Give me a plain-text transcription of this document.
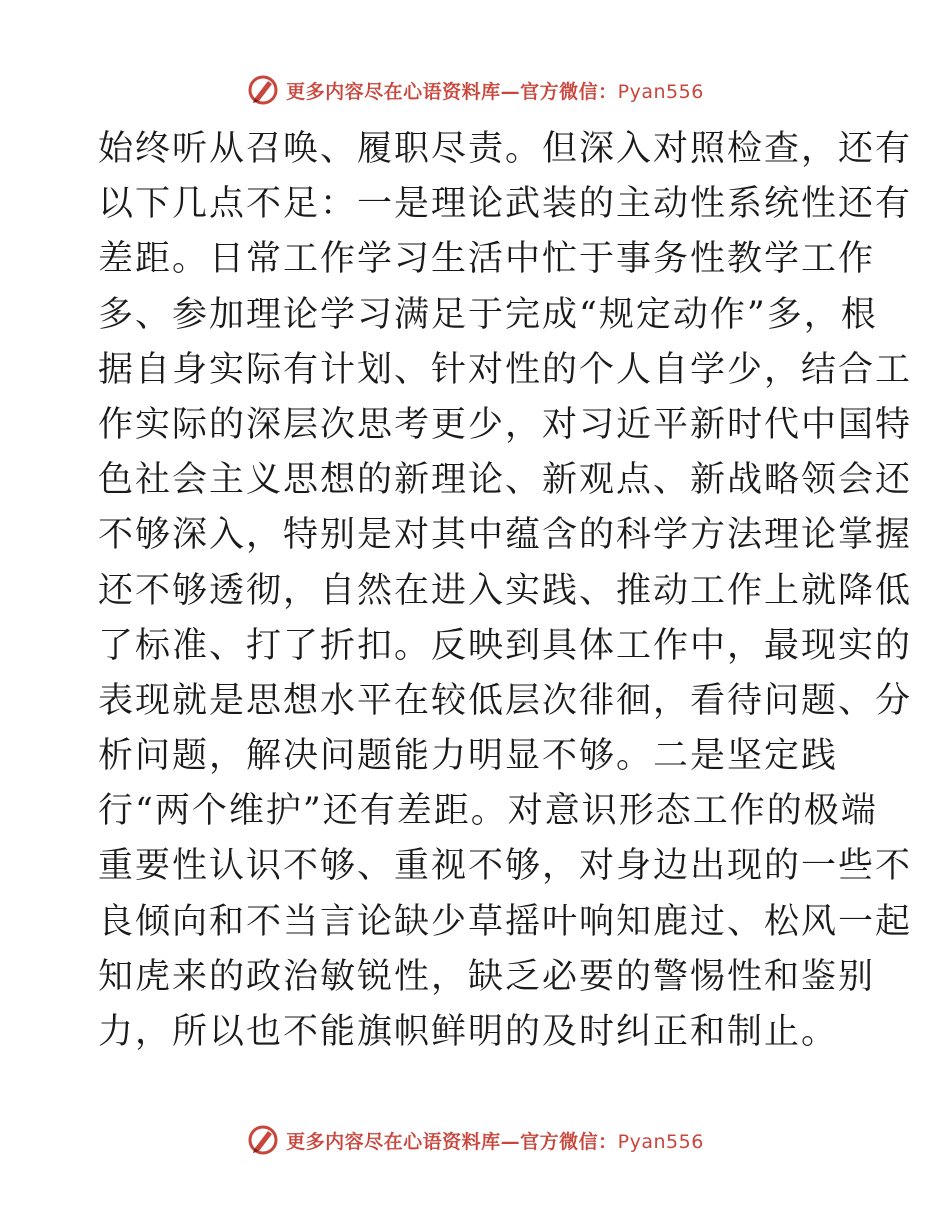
更多内容尽在心语资料库—官方微信：Pyan556
始终听从召唤、履职尽责。但深入对照检查，还有
以下几点不足：一是理论武装的主动性系统性还有
差距。日常工作学习生活中忙于事务性教学工作
多、参加理论学习满足于完成“规定动作”多，根
据自身实际有计划、针对性的个人自学少，结合工
作实际的深层次思考更少，对习近平新时代中国特
色社会主义思想的新理论、新观点、新战略领会还
不够深入，特别是对其中蕴含的科学方法理论掌握
还不够透彻，自然在进入实践、推动工作上就降低
了标准、打了折扣。反映到具体工作中，最现实的
表现就是思想水平在较低层次徘徊，看待问题、分
析问题，解决问题能力明显不够。二是坚定践
行“两个维护”还有差距。对意识形态工作的极端
重要性认识不够、重视不够，对身边出现的一些不
良倾向和不当言论缺少草摇叶响知鹿过、松风一起
知虎来的政治敏锐性，缺乏必要的警惕性和鉴别
力，所以也不能旗帜鲜明的及时纠正和制止。
更多内容尽在心语资料库—官方微信：Pyan556
